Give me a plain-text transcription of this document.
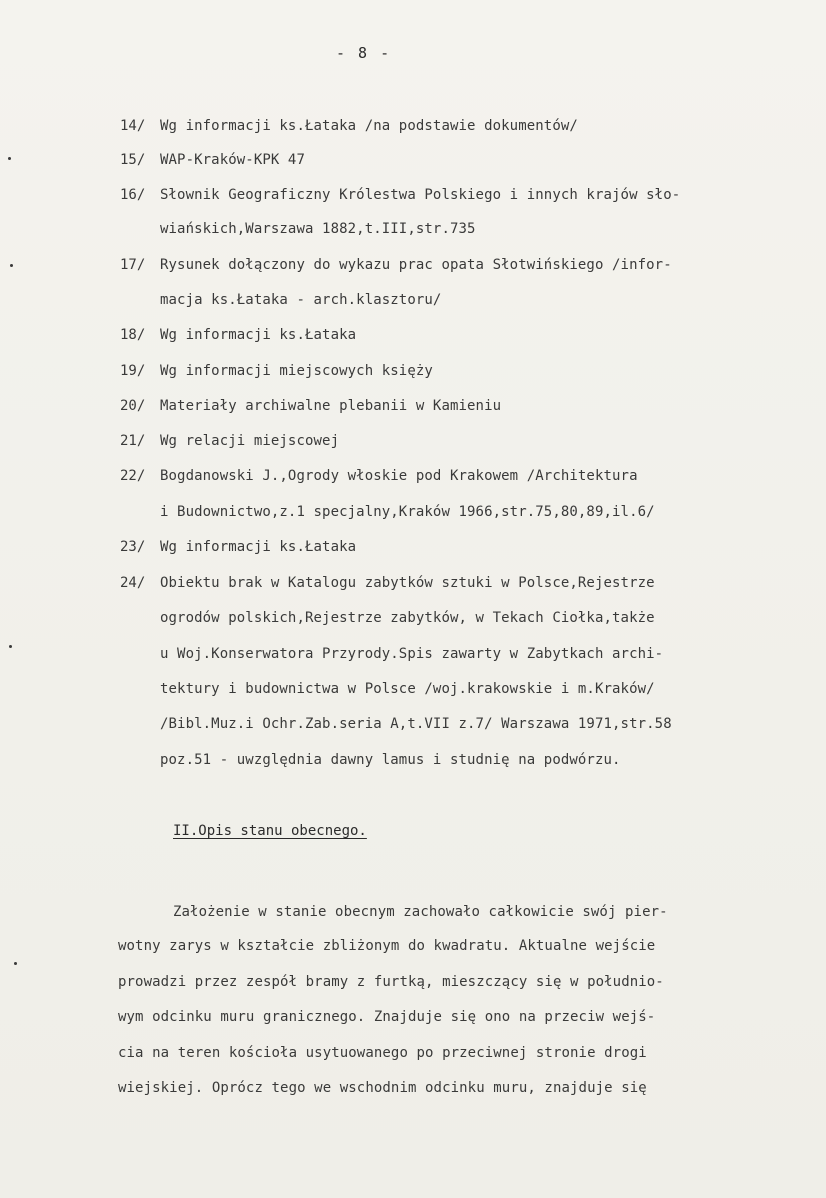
- 8 -
14/ Wg informacji ks.Łataka /na podstawie dokumentów/
15/ WAP-Kraków-KPK 47
16/ Słownik Geograficzny Królestwa Polskiego i innych krajów sło-
wiańskich,Warszawa 1882,t.III,str.735
17/ Rysunek dołączony do wykazu prac opata Słotwińskiego /infor-
macja ks.Łataka - arch.klasztoru/
18/ Wg informacji ks.Łataka
19/ Wg informacji miejscowych księży
20/ Materiały archiwalne plebanii w Kamieniu
21/ Wg relacji miejscowej
22/ Bogdanowski J.,Ogrody włoskie pod Krakowem /Architektura
i Budownictwo,z.1 specjalny,Kraków 1966,str.75,80,89,il.6/
23/ Wg informacji ks.Łataka
24/ Obiektu brak w Katalogu zabytków sztuki w Polsce,Rejestrze
ogrodów polskich,Rejestrze zabytków, w Tekach Ciołka,także
u Woj.Konserwatora Przyrody.Spis zawarty w Zabytkach archi-
tektury i budownictwa w Polsce /woj.krakowskie i m.Kraków/
/Bibl.Muz.i Ochr.Zab.seria A,t.VII z.7/ Warszawa 1971,str.58
poz.51 - uwzględnia dawny lamus i studnię na podwórzu.
II.Opis stanu obecnego.
Założenie w stanie obecnym zachowało całkowicie swój pier-
wotny zarys w kształcie zbliżonym do kwadratu. Aktualne wejście
prowadzi przez zespół bramy z furtką, mieszczący się w południo-
wym odcinku muru granicznego. Znajduje się ono na przeciw wejś-
cia na teren kościoła usytuowanego po przeciwnej stronie drogi
wiejskiej. Oprócz tego we wschodnim odcinku muru, znajduje się
